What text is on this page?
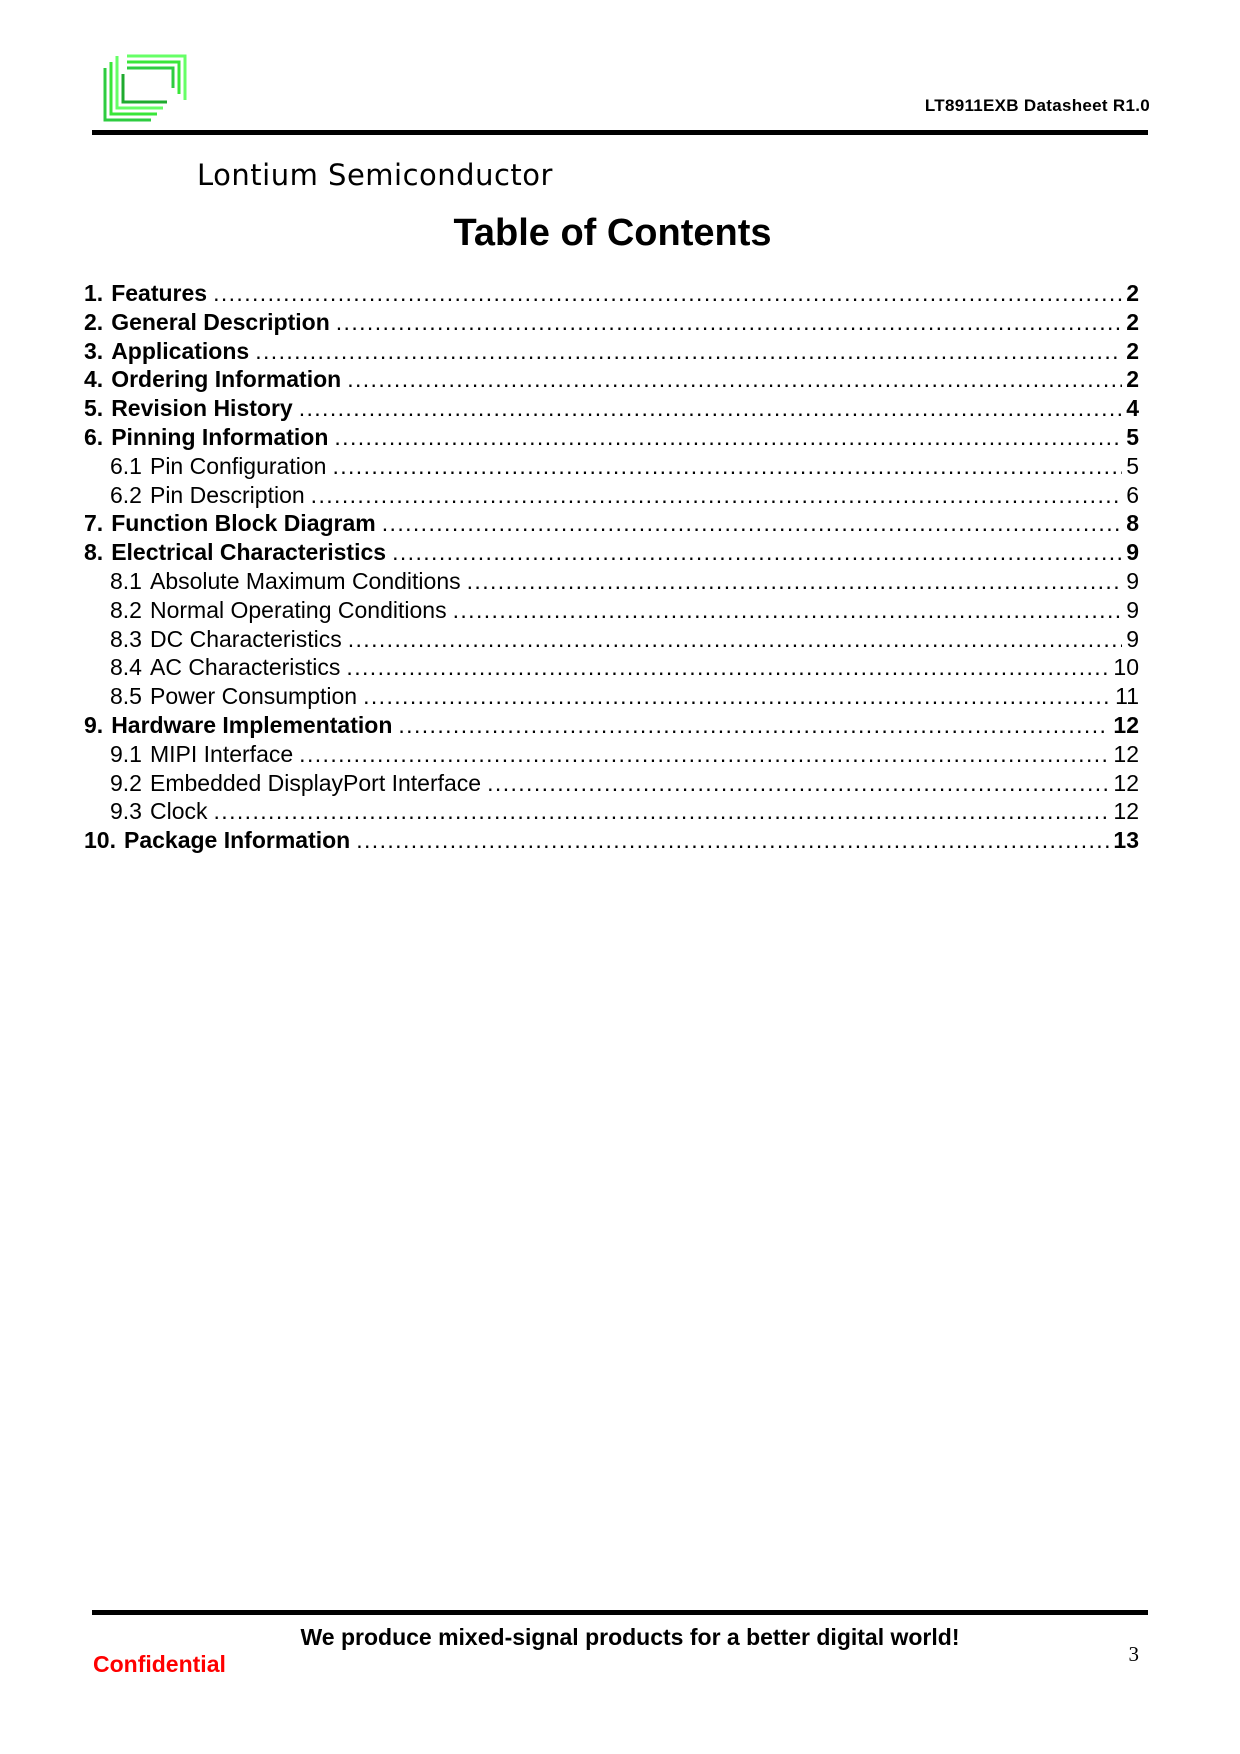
LT8911EXB Datasheet R1.0
Lontium Semiconductor
Table of Contents
1. Features .....	2
2. General Description .....	2
3. Applications .....	2
4. Ordering Information .....	2
5. Revision History .....	4
6. Pinning Information .....	5
6.1 Pin Configuration .....	5
6.2 Pin Description .....	6
7. Function Block Diagram .....	8
8. Electrical Characteristics .....	9
8.1 Absolute Maximum Conditions .....	9
8.2 Normal Operating Conditions .....	9
8.3 DC Characteristics .....	9
8.4 AC Characteristics .....	10
8.5 Power Consumption .....	11
9. Hardware Implementation .....	12
9.1 MIPI Interface .....	12
9.2 Embedded DisplayPort Interface .....	12
9.3 Clock .....	12
10. Package Information .....	13
We produce mixed-signal products for a better digital world!
Confidential	3
